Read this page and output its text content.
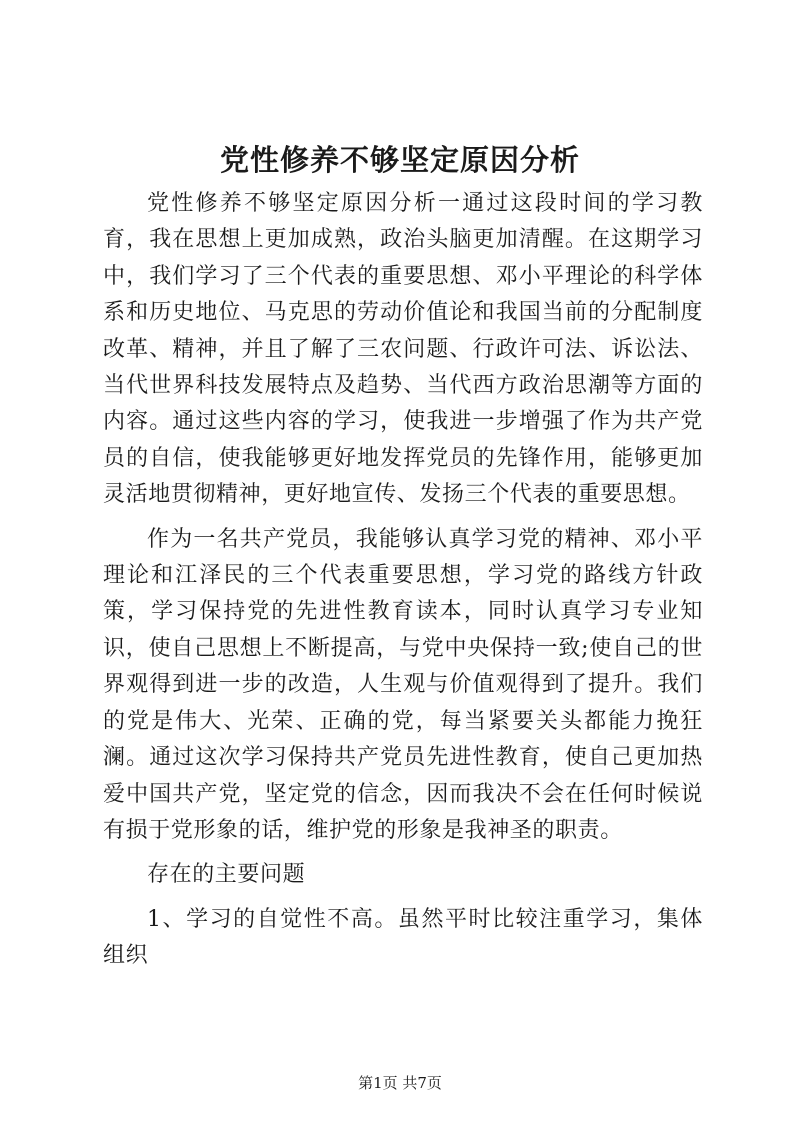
党性修养不够坚定原因分析

党性修养不够坚定原因分析一通过这段时间的学习教育，我在思想上更加成熟，政治头脑更加清醒。在这期学习中，我们学习了三个代表的重要思想、邓小平理论的科学体系和历史地位、马克思的劳动价值论和我国当前的分配制度改革、精神，并且了解了三农问题、行政许可法、诉讼法、当代世界科技发展特点及趋势、当代西方政治思潮等方面的内容。通过这些内容的学习，使我进一步增强了作为共产党员的自信，使我能够更好地发挥党员的先锋作用，能够更加灵活地贯彻精神，更好地宣传、发扬三个代表的重要思想。

作为一名共产党员，我能够认真学习党的精神、邓小平理论和江泽民的三个代表重要思想，学习党的路线方针政策，学习保持党的先进性教育读本，同时认真学习专业知识，使自己思想上不断提高，与党中央保持一致;使自己的世界观得到进一步的改造，人生观与价值观得到了提升。我们的党是伟大、光荣、正确的党，每当紧要关头都能力挽狂澜。通过这次学习保持共产党员先进性教育，使自己更加热爱中国共产党，坚定党的信念，因而我决不会在任何时候说有损于党形象的话，维护党的形象是我神圣的职责。

存在的主要问题

1、学习的自觉性不高。虽然平时比较注重学习，集体组织

第1页 共7页
